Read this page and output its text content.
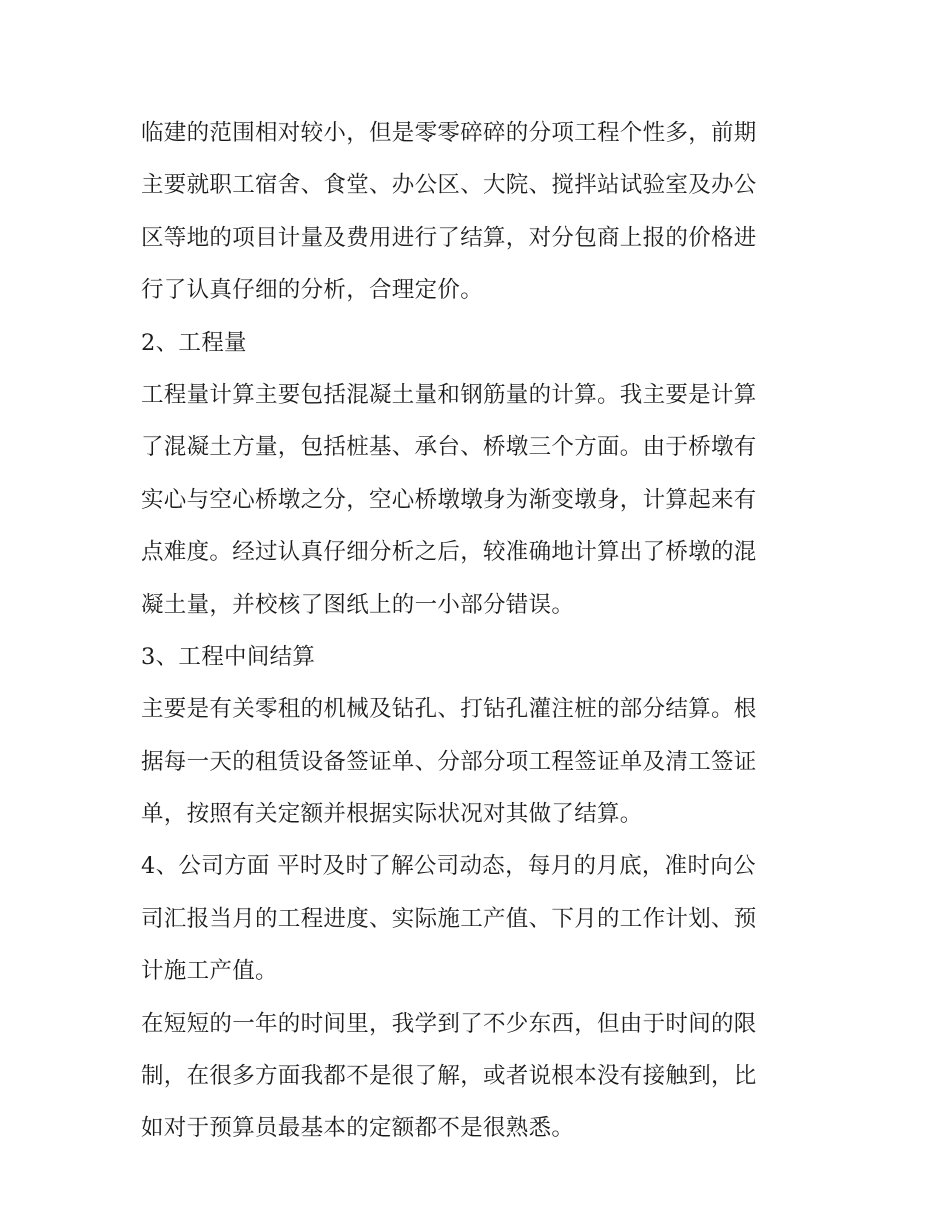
临建的范围相对较小，但是零零碎碎的分项工程个性多，前期
主要就职工宿舍、食堂、办公区、大院、搅拌站试验室及办公
区等地的项目计量及费用进行了结算，对分包商上报的价格进
行了认真仔细的分析，合理定价。
2、工程量
工程量计算主要包括混凝土量和钢筋量的计算。我主要是计算
了混凝土方量，包括桩基、承台、桥墩三个方面。由于桥墩有
实心与空心桥墩之分，空心桥墩墩身为渐变墩身，计算起来有
点难度。经过认真仔细分析之后，较准确地计算出了桥墩的混
凝土量，并校核了图纸上的一小部分错误。
3、工程中间结算
主要是有关零租的机械及钻孔、打钻孔灌注桩的部分结算。根
据每一天的租赁设备签证单、分部分项工程签证单及清工签证
单，按照有关定额并根据实际状况对其做了结算。
4、公司方面 平时及时了解公司动态，每月的月底，准时向公
司汇报当月的工程进度、实际施工产值、下月的工作计划、预
计施工产值。
在短短的一年的时间里，我学到了不少东西，但由于时间的限
制，在很多方面我都不是很了解，或者说根本没有接触到，比
如对于预算员最基本的定额都不是很熟悉。
